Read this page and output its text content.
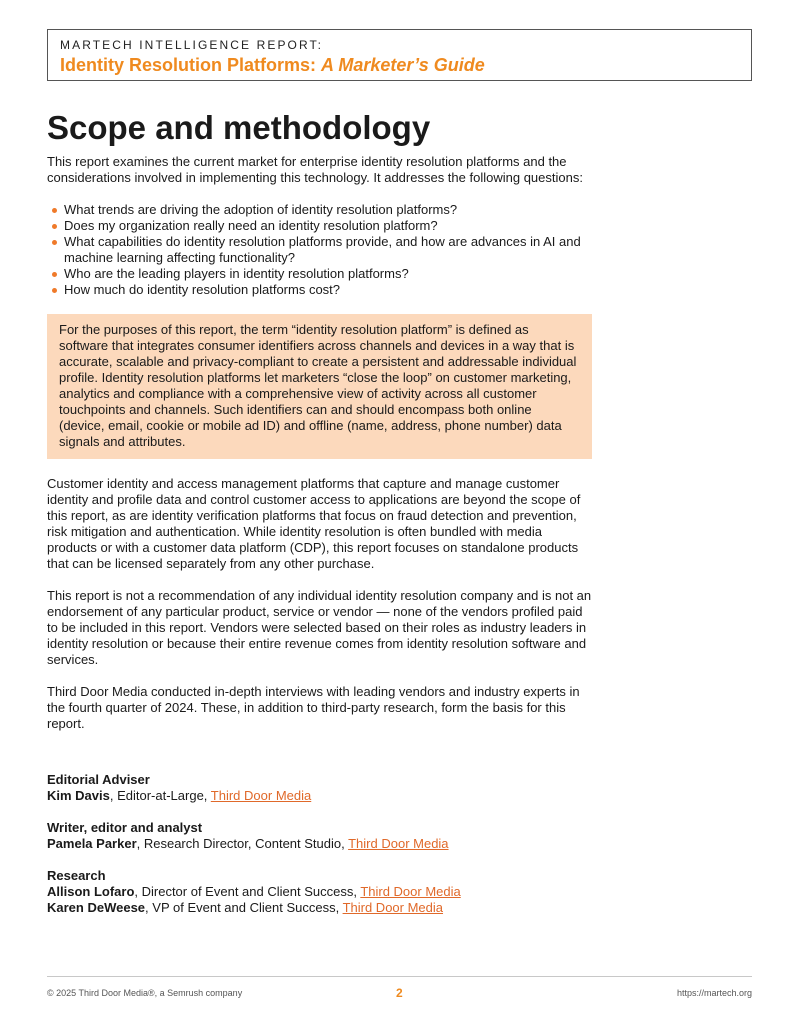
MARTECH INTELLIGENCE REPORT:
Identity Resolution Platforms: A Marketer’s Guide
Scope and methodology

This report examines the current market for enterprise identity resolution platforms and the considerations involved in implementing this technology. It addresses the following questions:

What trends are driving the adoption of identity resolution platforms?
Does my organization really need an identity resolution platform?
What capabilities do identity resolution platforms provide, and how are advances in AI and machine learning affecting functionality?
Who are the leading players in identity resolution platforms?
How much do identity resolution platforms cost?
For the purposes of this report, the term “identity resolution platform” is defined as software that integrates consumer identifiers across channels and devices in a way that is accurate, scalable and privacy-compliant to create a persistent and addressable individual profile. Identity resolution platforms let marketers “close the loop” on customer marketing, analytics and compliance with a comprehensive view of activity across all customer touchpoints and channels. Such identifiers can and should encompass both online (device, email, cookie or mobile ad ID) and offline (name, address, phone number) data signals and attributes.

Customer identity and access management platforms that capture and manage customer identity and profile data and control customer access to applications are beyond the scope of this report, as are identity verification platforms that focus on fraud detection and prevention, risk mitigation and authentication. While identity resolution is often bundled with media products or with a customer data platform (CDP), this report focuses on standalone products that can be licensed separately from any other purchase.

This report is not a recommendation of any individual identity resolution company and is not an endorsement of any particular product, service or vendor — none of the vendors profiled paid to be included in this report. Vendors were selected based on their roles as industry leaders in identity resolution or because their entire revenue comes from identity resolution software and services.

Third Door Media conducted in-depth interviews with leading vendors and industry experts in the fourth quarter of 2024. These, in addition to third-party research, form the basis for this report.

Editorial Adviser
Kim Davis, Editor-at-Large, Third Door Media
Writer, editor and analyst
Pamela Parker, Research Director, Content Studio, Third Door Media
Research
Allison Lofaro, Director of Event and Client Success, Third Door Media
Karen DeWeese, VP of Event and Client Success, Third Door Media
© 2025 Third Door Media®, a Semrush company	2	https://martech.org
